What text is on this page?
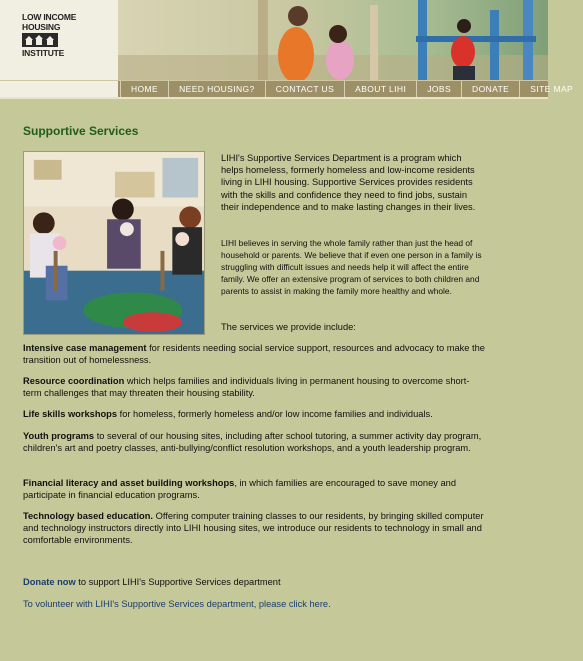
LOW INCOME
HOUSING
INSTITUTE
HOME	NEED HOUSING?	CONTACT US	ABOUT LIHI	JOBS	DONATE	SITE MAP
Supportive Services
LIHI's Supportive Services Department is a program which helps homeless, formerly homeless and low-income residents living in LIHI housing. Supportive Services provides residents with the skills and confidence they need to find jobs, sustain their independence and to make lasting changes in their lives.
LIHI believes in serving the whole family rather than just the head of household or parents. We believe that if even one person in a family is struggling with difficult issues and needs help it will affect the entire family. We offer an extensive program of services to both children and parents to assist in making the family more healthy and whole.
The services we provide include:
Intensive case management for residents needing social service support, resources and advocacy to make the transition out of homelessness.
Resource coordination which helps families and individuals living in permanent housing to overcome short-term challenges that may threaten their housing stability.
Life skills workshops for homeless, formerly homeless and/or low income families and individuals.
Youth programs to several of our housing sites, including after school tutoring, a summer activity day program, children's art and poetry classes, anti-bullying/conflict resolution workshops, and a youth leadership program.
Financial literacy and asset building workshops, in which families are encouraged to save money and participate in financial education programs.
Technology based education. Offering computer training classes to our residents, by bringing skilled computer and technology instructors directly into LIHI housing sites, we introduce our residents to technology in small and comfortable environments.
Donate now to support LIHI's Supportive Services department
To volunteer with LIHI's Supportive Services department, please click here.
